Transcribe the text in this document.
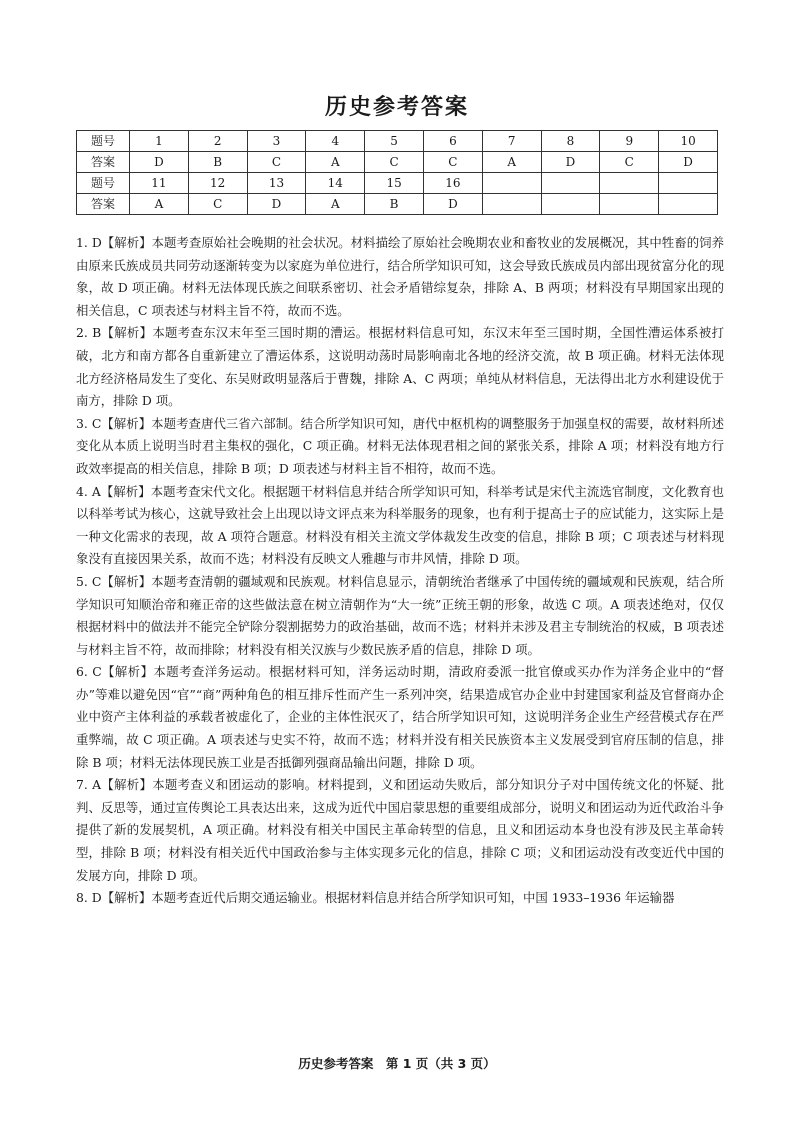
历史参考答案
题号	1	2	3	4	5	6	7	8	9	10
答案	D	B	C	A	C	C	A	D	C	D
题号	11	12	13	14	15	16				
答案	A	C	D	A	B	D				

1. D【解析】本题考查原始社会晚期的社会状况。材料描绘了原始社会晚期农业和畜牧业的发展概况，其中牲畜的饲养由原来氏族成员共同劳动逐渐转变为以家庭为单位进行，结合所学知识可知，这会导致氏族成员内部出现贫富分化的现象，故 D 项正确。材料无法体现氏族之间联系密切、社会矛盾错综复杂，排除 A、B 两项；材料没有早期国家出现的相关信息，C 项表述与材料主旨不符，故而不选。

2. B【解析】本题考查东汉末年至三国时期的漕运。根据材料信息可知，东汉末年至三国时期，全国性漕运体系被打破，北方和南方都各自重新建立了漕运体系，这说明动荡时局影响南北各地的经济交流，故 B 项正确。材料无法体现北方经济格局发生了变化、东吴财政明显落后于曹魏，排除 A、C 两项；单纯从材料信息，无法得出北方水利建设优于南方，排除 D 项。

3. C【解析】本题考查唐代三省六部制。结合所学知识可知，唐代中枢机构的调整服务于加强皇权的需要，故材料所述变化从本质上说明当时君主集权的强化，C 项正确。材料无法体现君相之间的紧张关系，排除 A 项；材料没有地方行政效率提高的相关信息，排除 B 项；D 项表述与材料主旨不相符，故而不选。

4. A【解析】本题考查宋代文化。根据题干材料信息并结合所学知识可知，科举考试是宋代主流选官制度，文化教育也以科举考试为核心，这就导致社会上出现以诗文评点来为科举服务的现象，也有利于提高士子的应试能力，这实际上是一种文化需求的表现，故 A 项符合题意。材料没有相关主流文学体裁发生改变的信息，排除 B 项；C 项表述与材料现象没有直接因果关系，故而不选；材料没有反映文人雅趣与市井风情，排除 D 项。

5. C【解析】本题考查清朝的疆域观和民族观。材料信息显示，清朝统治者继承了中国传统的疆域观和民族观，结合所学知识可知顺治帝和雍正帝的这些做法意在树立清朝作为“大一统”正统王朝的形象，故选 C 项。A 项表述绝对，仅仅根据材料中的做法并不能完全铲除分裂割据势力的政治基础，故而不选；材料并未涉及君主专制统治的权威，B 项表述与材料主旨不符，故而排除；材料没有相关汉族与少数民族矛盾的信息，排除 D 项。

6. C【解析】本题考查洋务运动。根据材料可知，洋务运动时期，清政府委派一批官僚或买办作为洋务企业中的“督办”等难以避免因“官”“商”两种角色的相互排斥性而产生一系列冲突，结果造成官办企业中封建国家利益及官督商办企业中资产主体利益的承载者被虚化了，企业的主体性泯灭了，结合所学知识可知，这说明洋务企业生产经营模式存在严重弊端，故 C 项正确。A 项表述与史实不符，故而不选；材料并没有相关民族资本主义发展受到官府压制的信息，排除 B 项；材料无法体现民族工业是否抵御列强商品输出问题，排除 D 项。

7. A【解析】本题考查义和团运动的影响。材料提到，义和团运动失败后，部分知识分子对中国传统文化的怀疑、批判、反思等，通过宣传舆论工具表达出来，这成为近代中国启蒙思想的重要组成部分，说明义和团运动为近代政治斗争提供了新的发展契机，A 项正确。材料没有相关中国民主革命转型的信息，且义和团运动本身也没有涉及民主革命转型，排除 B 项；材料没有相关近代中国政治参与主体实现多元化的信息，排除 C 项；义和团运动没有改变近代中国的发展方向，排除 D 项。

8. D【解析】本题考查近代后期交通运输业。根据材料信息并结合所学知识可知，中国 1933–1936 年运输器

历史参考答案　第 1 页（共 3 页）
